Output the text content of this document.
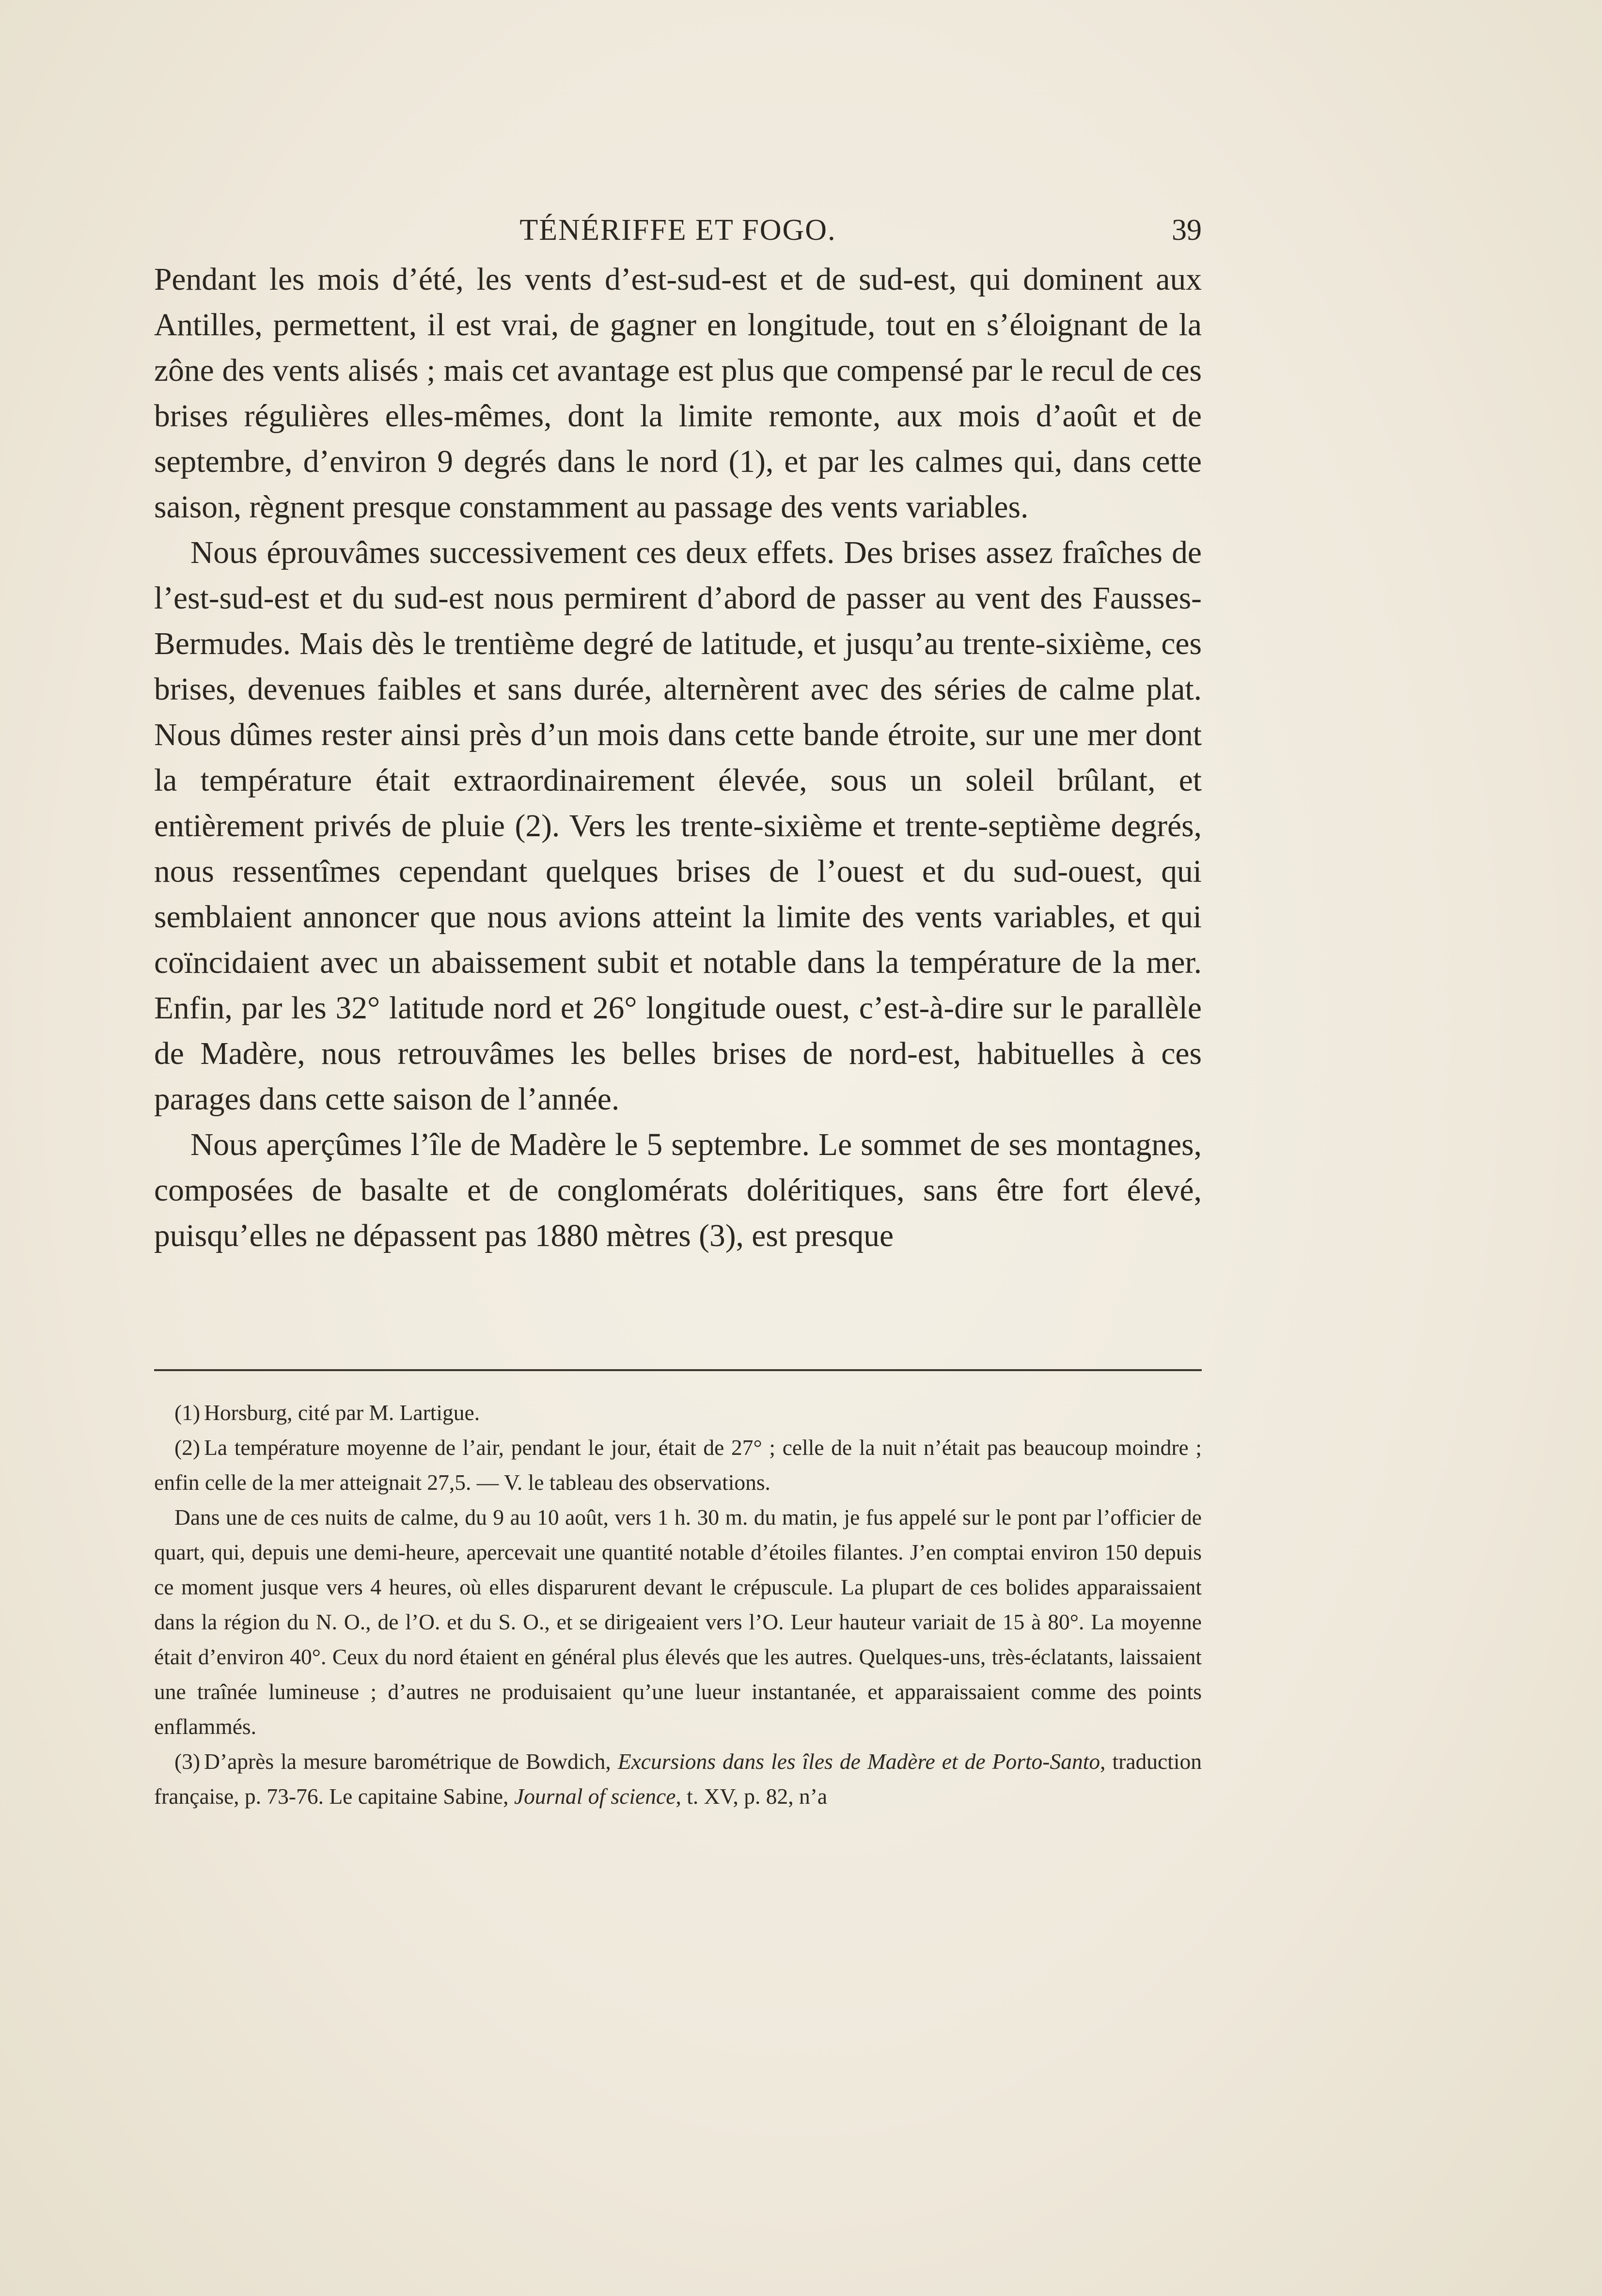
TÉNÉRIFFE ET FOGO.	39

Pendant les mois d’été, les vents d’est-sud-est et de sud-est, qui dominent aux Antilles, permettent, il est vrai, de gagner en longitude, tout en s’éloignant de la zône des vents alisés ; mais cet avantage est plus que compensé par le recul de ces brises régulières elles-mêmes, dont la limite remonte, aux mois d’août et de septembre, d’environ 9 degrés dans le nord (1), et par les calmes qui, dans cette saison, règnent presque constamment au passage des vents variables.

Nous éprouvâmes successivement ces deux effets. Des brises assez fraîches de l’est-sud-est et du sud-est nous permirent d’abord de passer au vent des Fausses-Bermudes. Mais dès le trentième degré de latitude, et jusqu’au trente-sixième, ces brises, devenues faibles et sans durée, alternèrent avec des séries de calme plat. Nous dûmes rester ainsi près d’un mois dans cette bande étroite, sur une mer dont la température était extraordinairement élevée, sous un soleil brûlant, et entièrement privés de pluie (2). Vers les trente-sixième et trente-septième degrés, nous ressentîmes cependant quelques brises de l’ouest et du sud-ouest, qui semblaient annoncer que nous avions atteint la limite des vents variables, et qui coïncidaient avec un abaissement subit et notable dans la température de la mer. Enfin, par les 32° latitude nord et 26° longitude ouest, c’est-à-dire sur le parallèle de Madère, nous retrouvâmes les belles brises de nord-est, habituelles à ces parages dans cette saison de l’année.

Nous aperçûmes l’île de Madère le 5 septembre. Le sommet de ses montagnes, composées de basalte et de conglomérats doléritiques, sans être fort élevé, puisqu’elles ne dépassent pas 1880 mètres (3), est presque

(1) Horsburg, cité par M. Lartigue.

(2) La température moyenne de l’air, pendant le jour, était de 27° ; celle de la nuit n’était pas beaucoup moindre ; enfin celle de la mer atteignait 27,5. — V. le tableau des observations.

Dans une de ces nuits de calme, du 9 au 10 août, vers 1 h. 30 m. du matin, je fus appelé sur le pont par l’officier de quart, qui, depuis une demi-heure, apercevait une quantité notable d’étoiles filantes. J’en comptai environ 150 depuis ce moment jusque vers 4 heures, où elles disparurent devant le crépuscule. La plupart de ces bolides apparaissaient dans la région du N. O., de l’O. et du S. O., et se dirigeaient vers l’O. Leur hauteur variait de 15 à 80°. La moyenne était d’environ 40°. Ceux du nord étaient en général plus élevés que les autres. Quelques-uns, très-éclatants, laissaient une traînée lumineuse ; d’autres ne produisaient qu’une lueur instantanée, et apparaissaient comme des points enflammés.

(3) D’après la mesure barométrique de Bowdich, Excursions dans les îles de Madère et de Porto-Santo, traduction française, p. 73-76. Le capitaine Sabine, Journal of science, t. XV, p. 82, n’a
